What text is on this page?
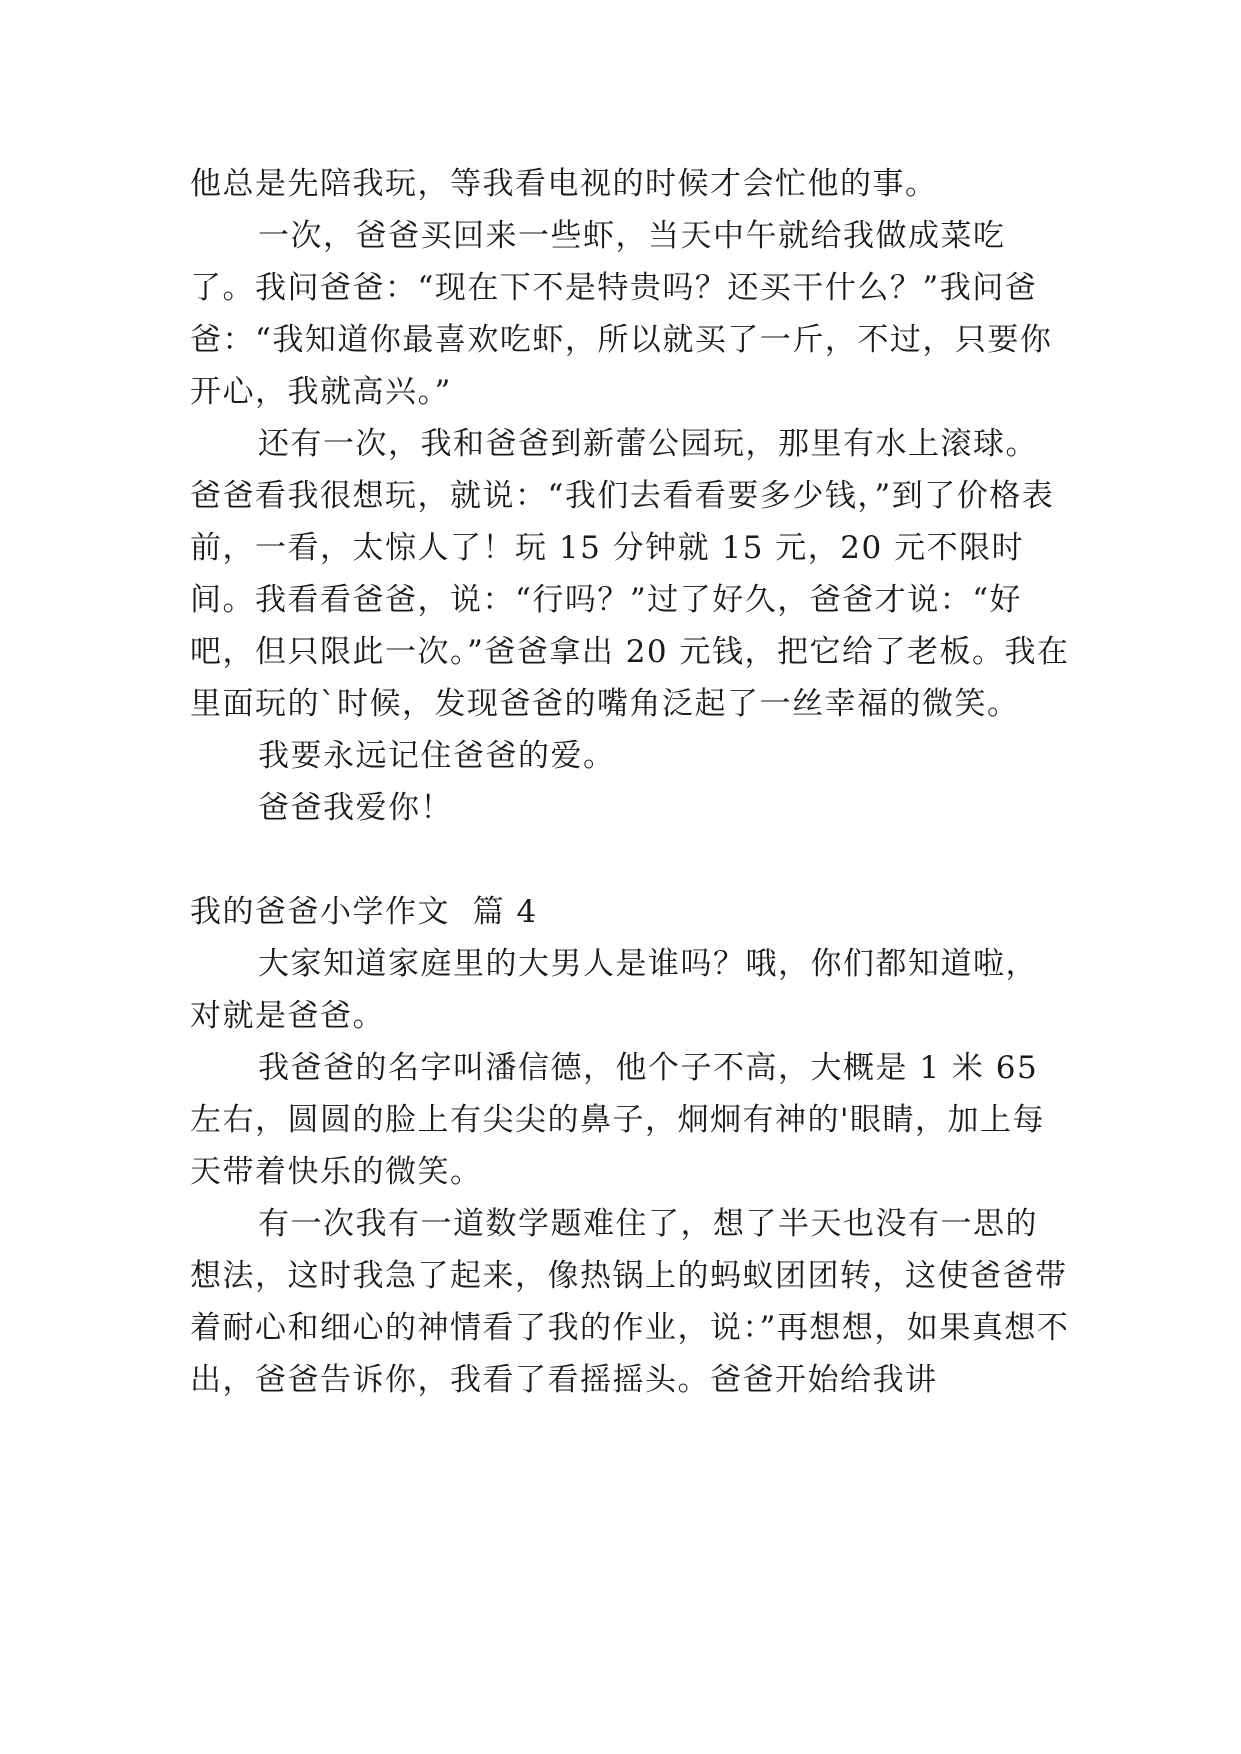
他总是先陪我玩，等我看电视的时候才会忙他的事。

一次，爸爸买回来一些虾，当天中午就给我做成菜吃了。我问爸爸：“现在下不是特贵吗？还买干什么？”我问爸爸：“我知道你最喜欢吃虾，所以就买了一斤，不过，只要你开心，我就高兴。”

还有一次，我和爸爸到新蕾公园玩，那里有水上滚球。爸爸看我很想玩，就说：“我们去看看要多少钱，”到了价格表前，一看，太惊人了！玩 15 分钟就 15 元，20 元不限时间。我看看爸爸，说：“行吗？”过了好久，爸爸才说：“好吧，但只限此一次。”爸爸拿出 20 元钱，把它给了老板。我在里面玩的`时候，发现爸爸的嘴角泛起了一丝幸福的微笑。

我要永远记住爸爸的爱。

爸爸我爱你！

我的爸爸小学作文  篇 4

大家知道家庭里的大男人是谁吗？哦，你们都知道啦，对就是爸爸。

我爸爸的名字叫潘信德，他个子不高，大概是 1 米 65 左右，圆圆的脸上有尖尖的鼻子，炯炯有神的'眼睛，加上每天带着快乐的微笑。

有一次我有一道数学题难住了，想了半天也没有一思的想法，这时我急了起来，像热锅上的蚂蚁团团转，这使爸爸带着耐心和细心的神情看了我的作业，说：”再想想，如果真想不出，爸爸告诉你，我看了看摇摇头。爸爸开始给我讲
